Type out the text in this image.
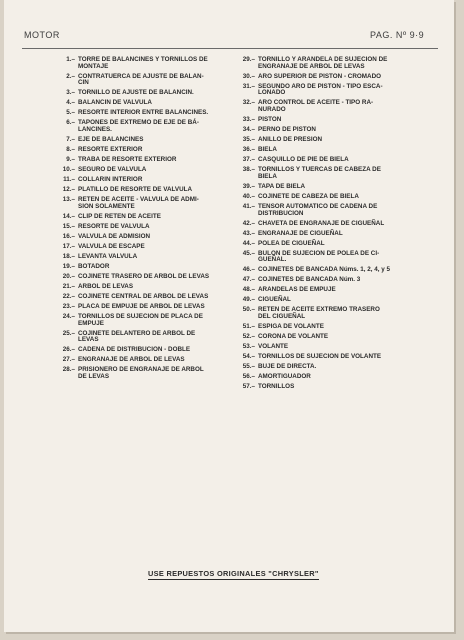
MOTOR	PAG. Nº 9·9
1.– TORRE DE BALANCINES Y TORNILLOS DE
MONTAJE
2.– CONTRATUERCA DE AJUSTE DE BALAN-
CIN
3.– TORNILLO DE AJUSTE DE BALANCIN.
4.– BALANCIN DE VALVULA
5.– RESORTE INTERIOR ENTRE BALANCINES.
6.– TAPONES DE EXTREMO DE EJE DE BÁ-
LANCINES.
7.– EJE DE BALANCINES
8.– RESORTE EXTERIOR
9.– TRABA DE RESORTE EXTERIOR
10.– SEGURO DE VALVULA
11.– COLLARIN INTERIOR
12.– PLATILLO DE RESORTE DE VALVULA
13.– RETEN DE ACEITE - VALVULA DE ADMI-
SION SOLAMENTE
14.– CLIP DE RETEN DE ACEITE
15.– RESORTE DE VALVULA
16.– VALVULA DE ADMISION
17.– VALVULA DE ESCAPE
18.– LEVANTA VALVULA
19.– BOTADOR
20.– COJINETE TRASERO DE ARBOL DE LEVAS
21.– ARBOL DE LEVAS
22.– COJINETE CENTRAL DE ARBOL DE LEVAS
23.– PLACA DE EMPUJE DE ARBOL DE LEVAS
24.– TORNILLOS DE SUJECION DE PLACA DE
EMPUJE
25.– COJINETE DELANTERO DE ARBOL DE
LEVAS
26.– CADENA DE DISTRIBUCION - DOBLE
27.– ENGRANAJE DE ARBOL DE LEVAS
28.– PRISIONERO DE ENGRANAJE DE ARBOL
DE LEVAS
29.– TORNILLO Y ARANDELA DE SUJECION DE
ENGRANAJE DE ARBOL DE LEVAS
30.– ARO SUPERIOR DE PISTON - CROMADO
31.– SEGUNDO ARO DE PISTON - TIPO ESCA-
LONADO
32.– ARO CONTROL DE ACEITE - TIPO RA-
NURADO
33.– PISTON
34.– PERNO DE PISTON
35.– ANILLO DE PRESION
36.– BIELA
37.– CASQUILLO DE PIE DE BIELA
38.– TORNILLOS Y TUERCAS DE CABEZA DE
BIELA
39.– TAPA DE BIELA
40.– COJINETE DE CABEZA DE BIELA
41.– TENSOR AUTOMATICO DE CADENA DE
DISTRIBUCION
42.– CHAVETA DE ENGRANAJE DE CIGUEÑAL
43.– ENGRANAJE DE CIGUEÑAL
44.– POLEA DE CIGUEÑAL
45.– BULON DE SUJECION DE POLEA DE CI-
GUEÑAL.
46.– COJINETES DE BANCADA Núms. 1, 2, 4, y 5
47.– COJINETES DE BANCADA Núm. 3
48.– ARANDELAS DE EMPUJE
49.– CIGUEÑAL
50.– RETEN DE ACEITE EXTREMO TRASERO
DEL CIGUEÑAL
51.– ESPIGA DE VOLANTE
52.– CORONA DE VOLANTE
53.– VOLANTE
54.– TORNILLOS DE SUJECION DE VOLANTE
55.– BUJE DE DIRECTA.
56.– AMORTIGUADOR
57.– TORNILLOS
USE REPUESTOS ORIGINALES "CHRYSLER"
